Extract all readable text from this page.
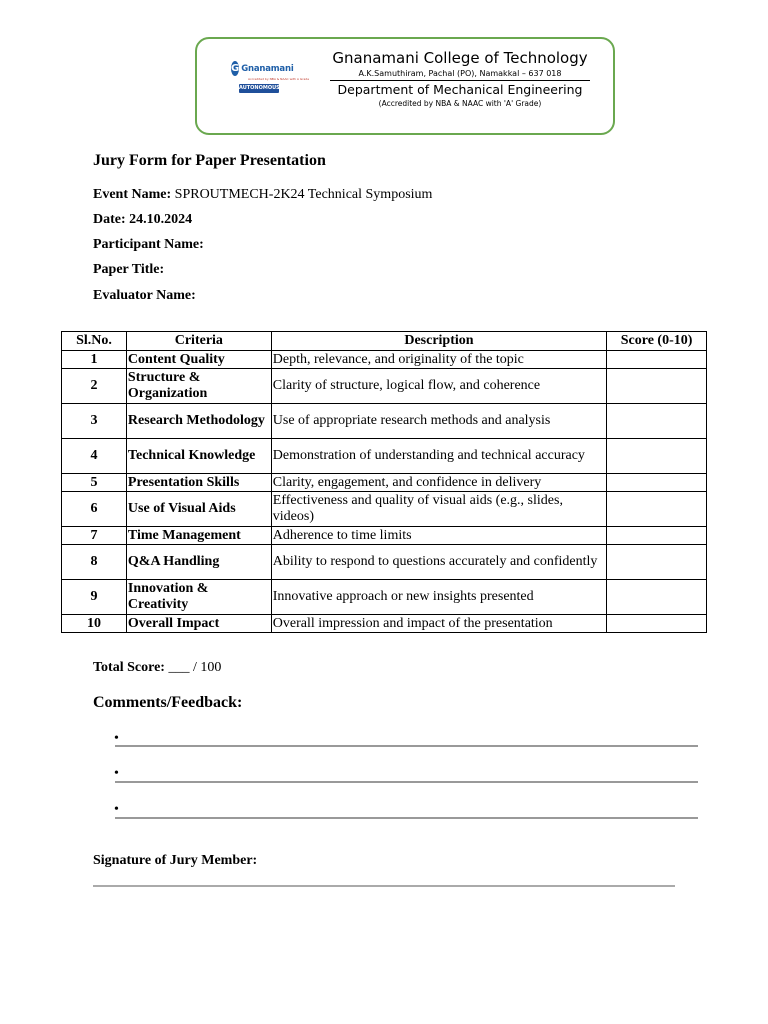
G Gnanamani
Accredited by NBA & NAAC with A Grade
AUTONOMOUS
Gnanamani College of Technology
A.K.Samuthiram, Pachal (PO), Namakkal – 637 018
Department of Mechanical Engineering
(Accredited by NBA & NAAC with 'A' Grade)
Jury Form for Paper Presentation
Event Name: SPROUTMECH-2K24 Technical Symposium
Date: 24.10.2024
Participant Name:
Paper Title:
Evaluator Name:
Sl.No.	Criteria	Description	Score (0-10)
1	Content Quality	Depth, relevance, and originality of the topic	
2	Structure & Organization	Clarity of structure, logical flow, and coherence	
3	Research Methodology	Use of appropriate research methods and analysis	
4	Technical Knowledge	Demonstration of understanding and technical accuracy	
5	Presentation Skills	Clarity, engagement, and confidence in delivery	
6	Use of Visual Aids	Effectiveness and quality of visual aids (e.g., slides, videos)	
7	Time Management	Adherence to time limits	
8	Q&A Handling	Ability to respond to questions accurately and confidently	
9	Innovation & Creativity	Innovative approach or new insights presented	
10	Overall Impact	Overall impression and impact of the presentation	
Total Score: ___ / 100
Comments/Feedback:
•
•
•
Signature of Jury Member:
